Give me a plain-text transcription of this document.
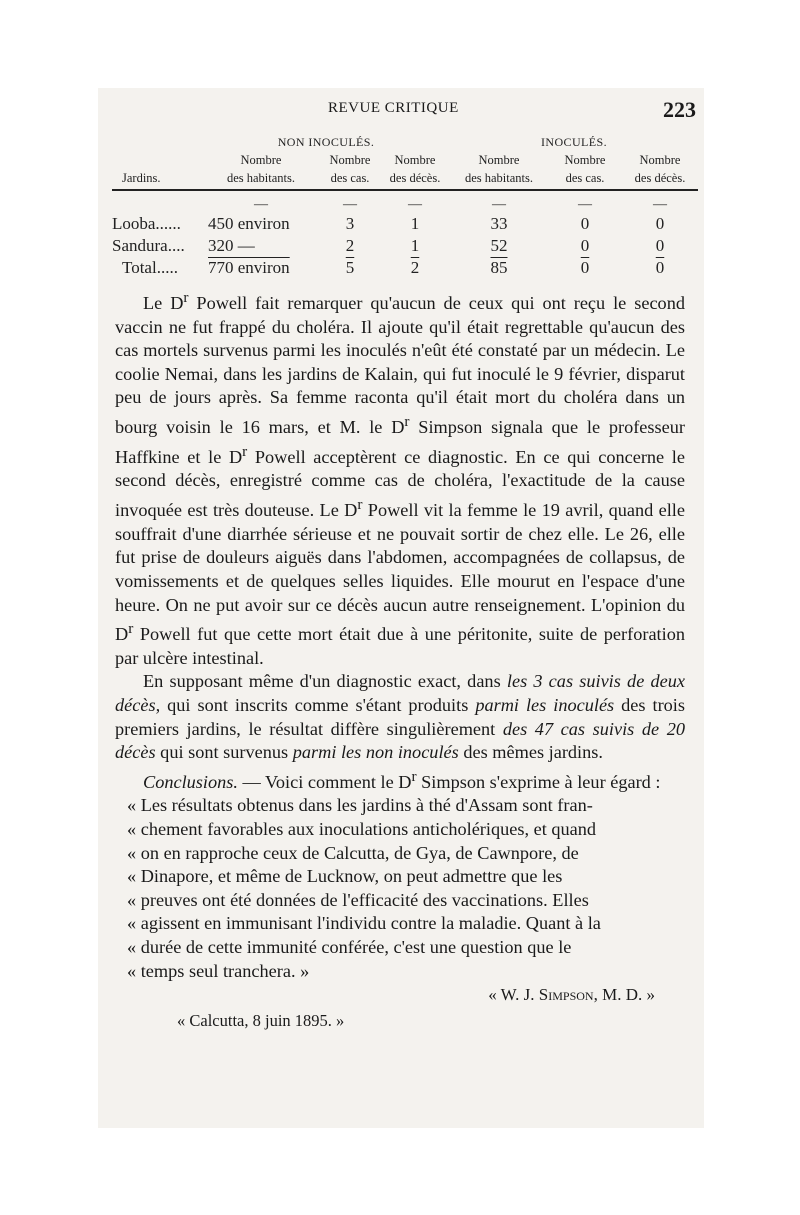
REVUE CRITIQUE	223
	NON INOCULÉS.			INOCULÉS.		
	Nombre	Nombre	Nombre	Nombre	Nombre	Nombre
Jardins.	des habitants.	des cas.	des décès.	des habitants.	des cas.	des décès.
	—	—	—	—	—	—
Looba......	450 environ	3	1	33	0	0
Sandura....	320 —	2	1	52	0	0
Total.....	770 environ	5	2	85	0	0

Le $D^r$ Powell fait remarquer qu'aucun de ceux qui ont reçu le second vaccin ne fut frappé du choléra. Il ajoute qu'il était regrettable qu'aucun des cas mortels survenus parmi les inoculés n'eût été constaté par un médecin. Le coolie Nemai, dans les jardins de Kalain, qui fut inoculé le 9 février, disparut peu de jours après. Sa femme raconta qu'il était mort du choléra dans un bourg voisin le 16 mars, et M. le $D^r$ Simpson signala que le professeur Haffkine et le $D^r$ Powell acceptèrent ce diagnostic. En ce qui concerne le second décès, enregistré comme cas de choléra, l'exactitude de la cause invoquée est très douteuse. Le $D^r$ Powell vit la femme le 19 avril, quand elle souffrait d'une diarrhée sérieuse et ne pouvait sortir de chez elle. Le 26, elle fut prise de douleurs aiguës dans l'abdomen, accompagnées de collapsus, de vomissements et de quelques selles liquides. Elle mourut en l'espace d'une heure. On ne put avoir sur ce décès aucun autre renseignement. L'opinion du $D^r$ Powell fut que cette mort était due à une péritonite, suite de perforation par ulcère intestinal.

En supposant même d'un diagnostic exact, dans les 3 cas suivis de deux décès, qui sont inscrits comme s'étant produits parmi les inoculés des trois premiers jardins, le résultat diffère singulièrement des 47 cas suivis de 20 décès qui sont survenus parmi les non inoculés des mêmes jardins.

Conclusions. — Voici comment le $D^r$ Simpson s'exprime à leur égard :

« Les résultats obtenus dans les jardins à thé d'Assam sont fran-

« chement favorables aux inoculations anticholériques, et quand

« on en rapproche ceux de Calcutta, de Gya, de Cawnpore, de

« Dinapore, et même de Lucknow, on peut admettre que les

« preuves ont été données de l'efficacité des vaccinations. Elles

« agissent en immunisant l'individu contre la maladie. Quant à la

« durée de cette immunité conférée, c'est une question que le

« temps seul tranchera. »

« W. J. Simpson, M. D. »

« Calcutta, 8 juin 1895. »
